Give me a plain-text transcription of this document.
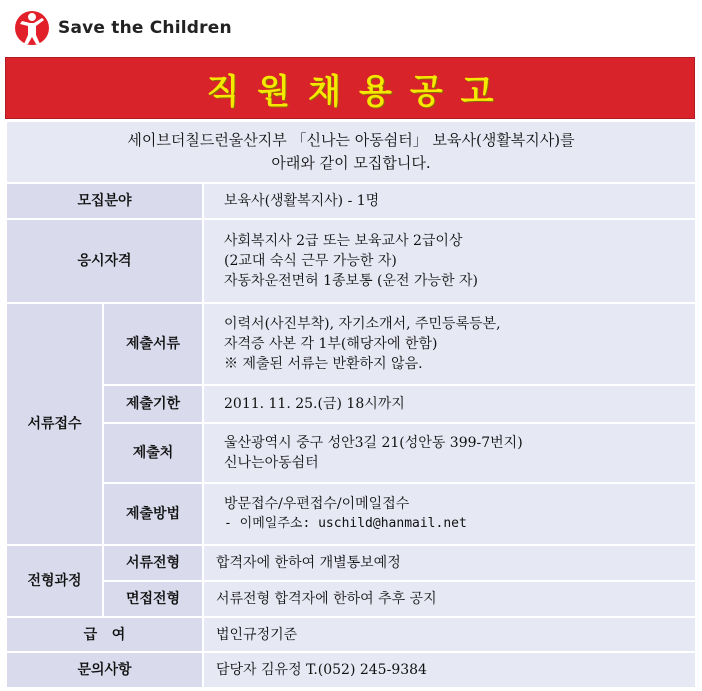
Save the Children
직원채용공고
세이브더칠드런울산지부 「신나는 아동쉼터」 보육사(생활복지사)를
아래와 같이 모집합니다.		

모집분야		보육사(생활복지사) - 1명
응시자격		사회복지사 2급 또는 보육교사 2급이상
(2교대 숙식 근무 가능한 자)
자동차운전면허 1종보통 (운전 가능한 자)

서류접수	제출서류	이력서(사진부착), 자기소개서, 주민등록등본,
자격증 사본 각 1부(해당자에 한함)
※ 제출된 서류는 반환하지 않음.

	제출기한	2011. 11. 25.(금) 18시까지
	제출처	울산광역시 중구 성안3길 21(성안동 399-7번지)
신나는아동쉼터

	제출방법	방문접수/우편접수/이메일접수
- 이메일주소: uschild@hanmail.net

전형과정	서류전형	합격자에 한하여 개별통보예정
	면접전형	서류전형 합격자에 한하여 추후 공지
급   여		법인규정기준
문의사항		담당자 김유정 T.(052) 245-9384
